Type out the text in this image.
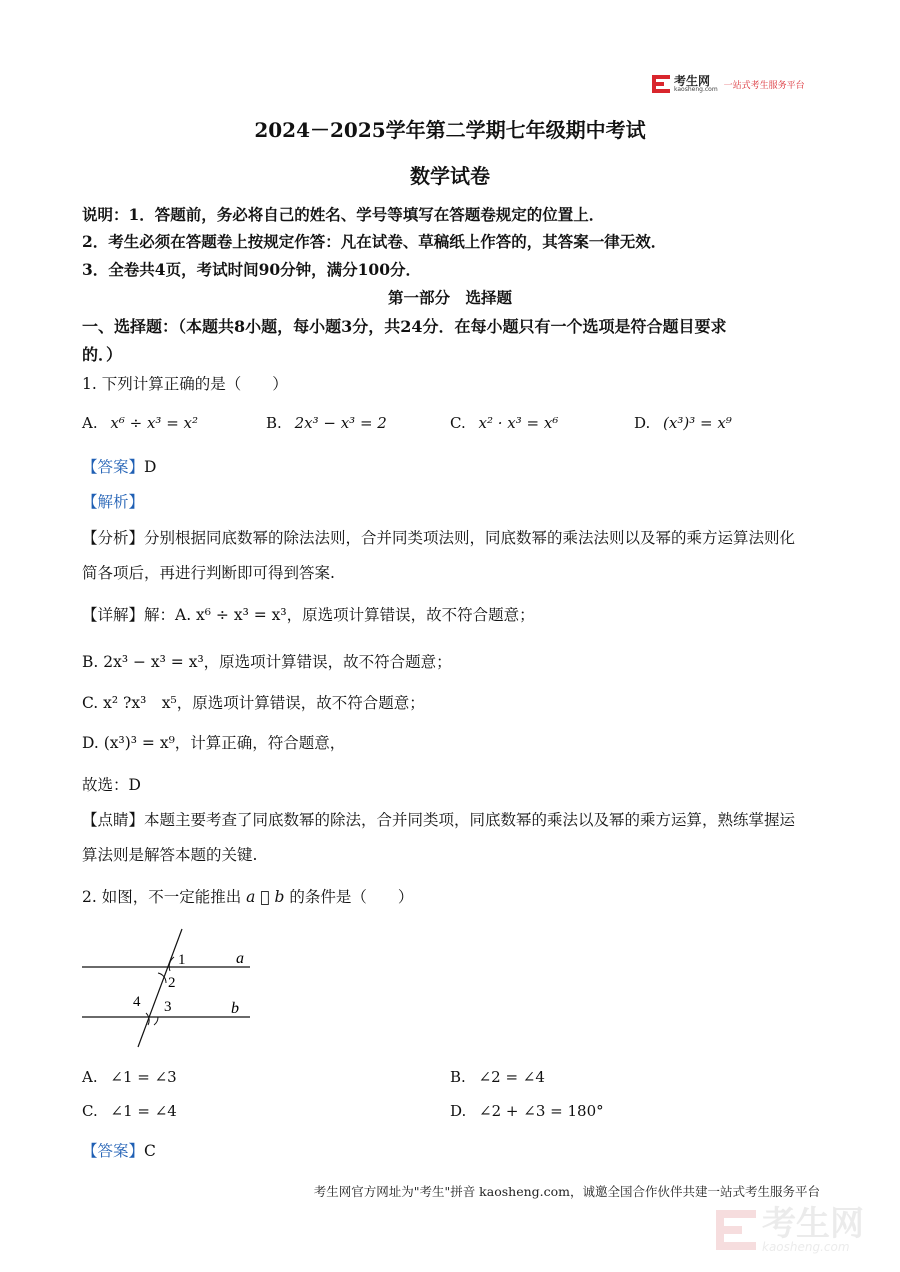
考生网
kaosheng.com 一站式考生服务平台
2024－2025学年第二学期七年级期中考试
数学试卷
说明：1．答题前，务必将自己的姓名、学号等填写在答题卷规定的位置上．
2．考生必须在答题卷上按规定作答：凡在试卷、草稿纸上作答的，其答案一律无效．
3．全卷共4页，考试时间90分钟，满分100分．
第一部分　选择题
一、选择题：（本题共8小题，每小题3分，共24分．在每小题只有一个选项是符合题目要求
的．）
1. 下列计算正确的是（　　）
A. x⁶ ÷ x³ = x²	B. 2x³ − x³ = 2	C. x² · x³ = x⁶	D. (x³)³ = x⁹
【答案】D
【解析】
【分析】分别根据同底数幂的除法法则，合并同类项法则，同底数幂的乘法法则以及幂的乘方运算法则化
简各项后，再进行判断即可得到答案.
【详解】解：A. x⁶ ÷ x³ = x³，原选项计算错误，故不符合题意；
B. 2x³ − x³ = x³，原选项计算错误，故不符合题意；
C. x² ?x³　x⁵，原选项计算错误，故不符合题意；
D. (x³)³ = x⁹，计算正确，符合题意，
故选：D
【点睛】本题主要考查了同底数幂的除法，合并同类项，同底数幂的乘法以及幂的乘方运算，熟练掌握运
算法则是解答本题的关键.
2. 如图，不一定能推出 a ⃞ b 的条件是（　　）
1
2
4 3
a
b
A. ∠1 = ∠3	B. ∠2 = ∠4
C. ∠1 = ∠4	D. ∠2 + ∠3 = 180°
【答案】C
考生网官方网址为"考生"拼音 kaosheng.com，诚邀全国合作伙伴共建一站式考生服务平台
考生网
kaosheng.com
